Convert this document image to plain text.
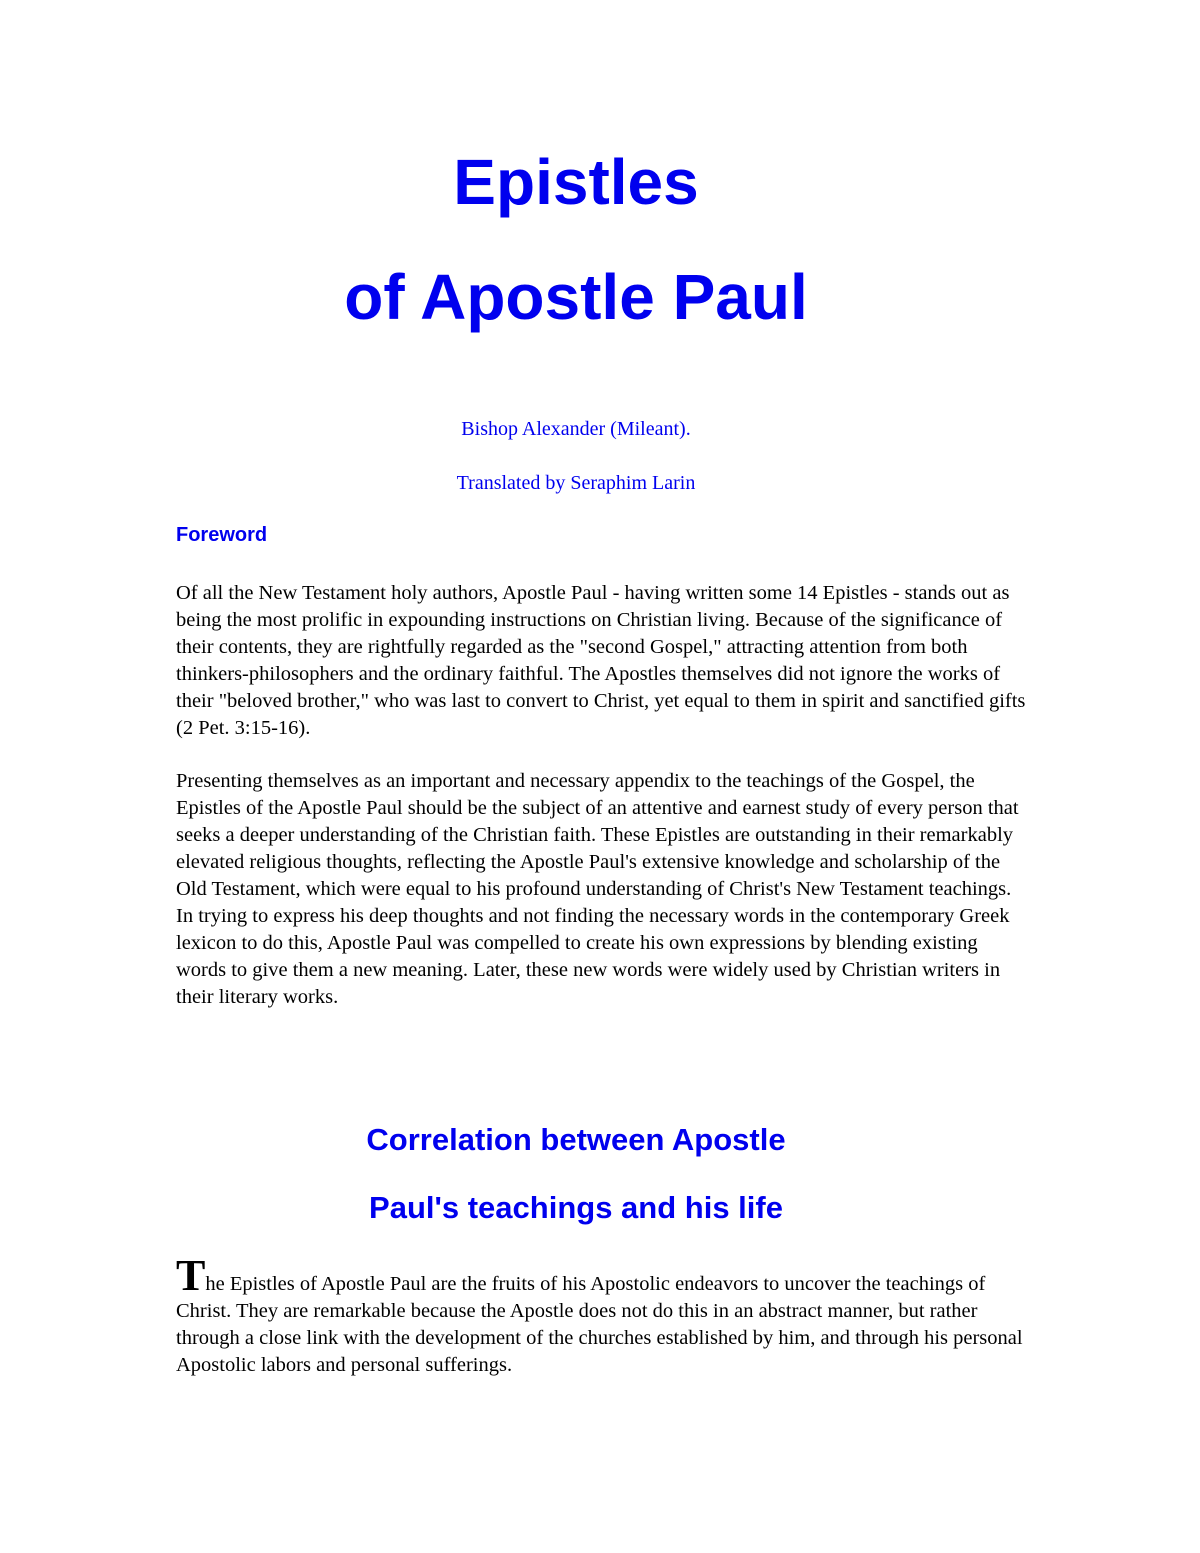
Epistles
of Apostle Paul

Bishop Alexander (Mileant).

Translated by Seraphim Larin

Foreword

Of all the New Testament holy authors, Apostle Paul - having written some 14 Epistles - stands out as being the most prolific in expounding instructions on Christian living. Because of the significance of their contents, they are rightfully regarded as the "second Gospel," attracting attention from both thinkers-philosophers and the ordinary faithful. The Apostles themselves did not ignore the works of their "beloved brother," who was last to convert to Christ, yet equal to them in spirit and sanctified gifts (2 Pet. 3:15-16).

Presenting themselves as an important and necessary appendix to the teachings of the Gospel, the Epistles of the Apostle Paul should be the subject of an attentive and earnest study of every person that seeks a deeper understanding of the Christian faith. These Epistles are outstanding in their remarkably elevated religious thoughts, reflecting the Apostle Paul's extensive knowledge and scholarship of the Old Testament, which were equal to his profound understanding of Christ's New Testament teachings. In trying to express his deep thoughts and not finding the necessary words in the contemporary Greek lexicon to do this, Apostle Paul was compelled to create his own expressions by blending existing words to give them a new meaning. Later, these new words were widely used by Christian writers in their literary works.

Correlation between Apostle
Paul's teachings and his life

The Epistles of Apostle Paul are the fruits of his Apostolic endeavors to uncover the teachings of Christ. They are remarkable because the Apostle does not do this in an abstract manner, but rather through a close link with the development of the churches established by him, and through his personal Apostolic labors and personal sufferings.
